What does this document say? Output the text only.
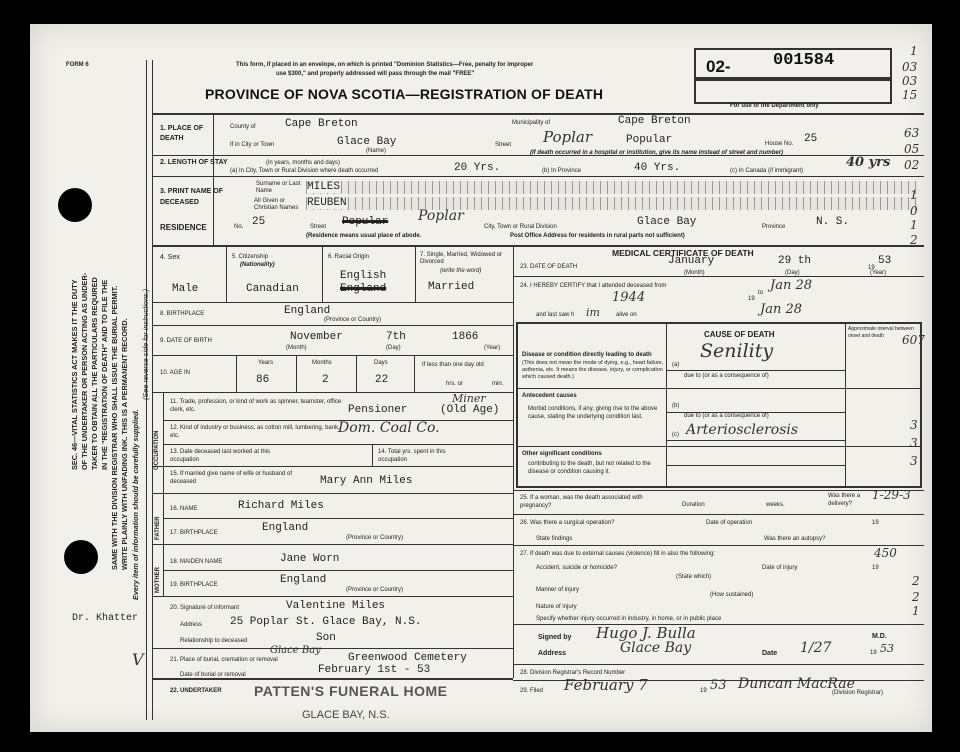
FORM 6	This form, if placed in an envelope, on which is printed "Dominion Statistics—Free, penalty for improper
use $300," and properly addressed will pass through the mail "FREE"
PROVINCE OF NOVA SCOTIA—REGISTRATION OF DEATH
02- 001584
For use of the Department only
SEC. 46—VITAL STATISTICS ACT MAKES IT THE DUTY OF THE UNDERTAKER OR PERSON ACTING AS UNDER- TAKER TO OBTAIN ALL THE PARTICULARS REQUIRED IN THE "REGISTRATION OF DEATH" AND TO FILE THE SAME WITH THE DIVISION REGISTRAR WHO SHALL ISSUE THE BURIAL PERMIT. WRITE PLAINLY WITH UNFADING INK. THIS IS A PERMANENT RECORD. Every item of information should be carefully supplied.
(See reverse side for instructions.)
1. PLACE OF DEATH
County of	Cape Breton	Municipality of	Cape Breton
If in City or Town	Glace Bay
(Name)
Street Poplar	Popular	House No. 25
(If death occurred in a hospital or institution, give its name instead of street and number)
2. LENGTH OF STAY	(in years, months and days)
(a) In City, Town or Rural Division where death occurred	20 Yrs.	(b) In Province	40 Yrs.	(c) In Canada (if immigrant)
40 yrs
3. PRINT NAME OF DECEASED
Surname or Last Name	MILES
All Given or Christian Names REUBEN
RESIDENCE	No. 25	Street Popular Poplar
City, Town or Rural Division	Glace Bay	Province	N. S.
(Residence means usual place of abode.	Post Office Address for residents in rural parts not sufficient)
4. Sex
Male
5. Citizenship
(Nationality)
Canadian
6. Racial Origin
English
England
7. Single, Married, Widowed or Divorced
(write the word)
Married
8. BIRTHPLACE	England
(Province or Country)
9. DATE OF BIRTH	November	7th	1866
(Month)	(Day)	(Year)
10. AGE IN
Years	Months	Days
86	2	22
If less than one day old
hrs. or	min.
OCCUPATION
11. Trade, profession, or kind of work as spinner, teamster, office clerk, etc.	Pensioner
Miner
(Old Age)
12. Kind of industry or business, as cotton mill, lumbering, bank, etc.	Dom. Coal Co.
13. Date deceased last worked at this occupation
14. Total yrs. spent in this occupation
15. If married give name of wife or husband of deceased	Mary Ann Miles
FATHER
16. NAME	Richard Miles
17. BIRTHPLACE	England
(Province or Country)
MOTHER
18. MAIDEN NAME	Jane Worn
19. BIRTHPLACE	England
(Province or Country)
20. Signature of informant	Valentine Miles
Address	25 Poplar St. Glace Bay, N.S.
Relationship to deceased	Son
21. Place of burial, cremation or removal
Glace Bay
Greenwood Cemetery
Date of burial or removal	February 1st - 53
22. UNDERTAKER PATTEN'S FUNERAL HOME
GLACE BAY, N.S.
Dr. Khatter
V
MEDICAL CERTIFICATE OF DEATH
23. DATE OF DEATH	January	29 th
19
53
(Month)	(Day)	(Year)
24. I HEREBY CERTIFY that I attended deceased from
1944	19
to Jan 28
and last saw h im	alive on	Jan 28
CAUSE OF DEATH
Approximate interval between onset and death
Disease or condition directly leading to death
(This does not mean the mode of dying, e.g., heart failure, asthenia, etc. It means the disease, injury, or complication which caused death.)
(a)
Senility
due to (or as a consequence of)
Antecedent causes
Morbid conditions, if any, giving rise to the above cause, stating the underlying condition last.
(b)
due to (or as a consequence of)
(c) Arteriosclerosis
Other significant conditions
contributing to the death, but not related to the disease or condition causing it.
25. If a woman, was the death associated with pregnancy?	Duration	weeks.
Was there a delivery?
26. Was there a surgical operation?	Date of operation	19
State findings	Was there an autopsy?
27. If death was due to external causes (violence) fill in also the following:
Accident, suicide or homicide?
(State which)
Date of injury	19
Manner of injury
(How sustained)
Nature of injury
Specify whether injury occurred in industry, in home, or in public place
Signed by Hugo J. Bulla	M.D.
Address	Glace Bay	Date 1/27	19 53
28. Division Registrar's Record Number
29. Filed February 7	19 53 Duncan MacRae
(Division Registrar)
1
03
03
15
63
05
02
1
0
1
2
607
3
3
3
1-29-3
450
2
2
1
